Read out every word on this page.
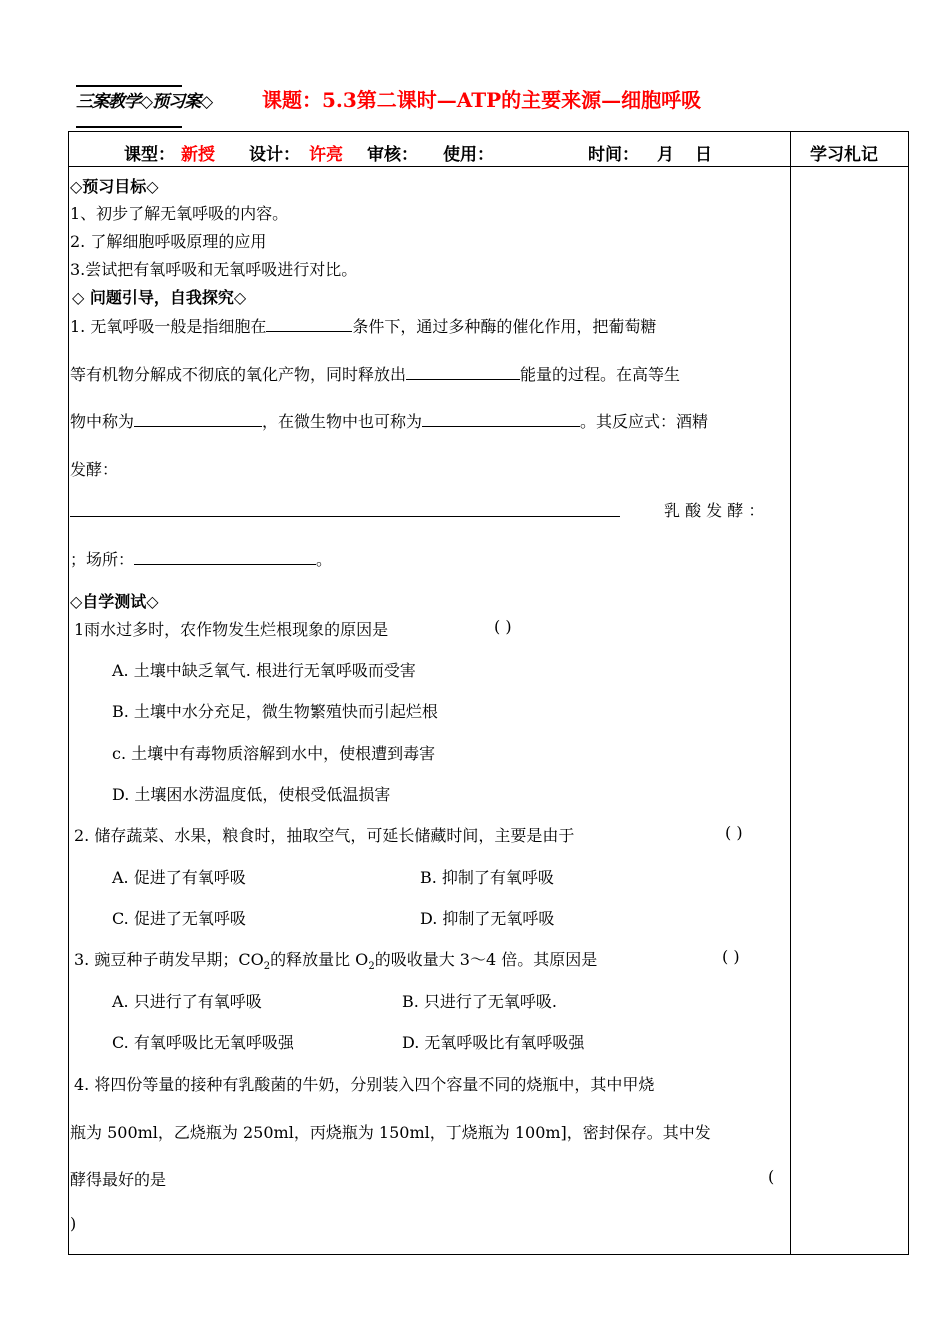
三案教学◇预习案◇ 课题：5.3第二课时—ATP的主要来源—细胞呼吸
课型： 新授 设计： 许亮 审核： 使用：	时间： 月 日	学习札记
◇预习目标◇
1、初步了解无氧呼吸的内容。
2. 了解细胞呼吸原理的应用
3.尝试把有氧呼吸和无氧呼吸进行对比。
◇ 问题引导，自我探究◇
1. 无氧呼吸一般是指细胞在	条件下，通过多种酶的催化作用，把葡萄糖
等有机物分解成不彻底的氧化产物，同时释放出	能量的过程。在高等生
物中称为	，在微生物中也可称为	。其反应式：酒精
发酵：
乳 酸 发 酵 ：
；场所：	。
◇自学测试◇
1雨水过多时，农作物发生烂根现象的原因是	( )
A. 土壤中缺乏氧气. 根进行无氧呼吸而受害
B. 土壤中水分充足，微生物繁殖快而引起烂根
c. 土壤中有毒物质溶解到水中，使根遭到毒害
D. 土壤困水涝温度低，使根受低温损害
2. 储存蔬菜、水果，粮食时，抽取空气，可延长储藏时间，主要是由于	( )
A. 促进了有氧呼吸	B. 抑制了有氧呼吸
C. 促进了无氧呼吸	D. 抑制了无氧呼吸
3. 豌豆种子萌发早期；$CO_2$的释放量比 $O_2$的吸收量大 3～4 倍。其原因是	( )
A. 只进行了有氧呼吸	B. 只进行了无氧呼吸.
C. 有氧呼吸比无氧呼吸强	D. 无氧呼吸比有氧呼吸强
4. 将四份等量的接种有乳酸菌的牛奶，分别装入四个容量不同的烧瓶中，其中甲烧
瓶为 500ml，乙烧瓶为 250ml，丙烧瓶为 150ml，丁烧瓶为 100m]，密封保存。其中发
酵得最好的是	(
)
